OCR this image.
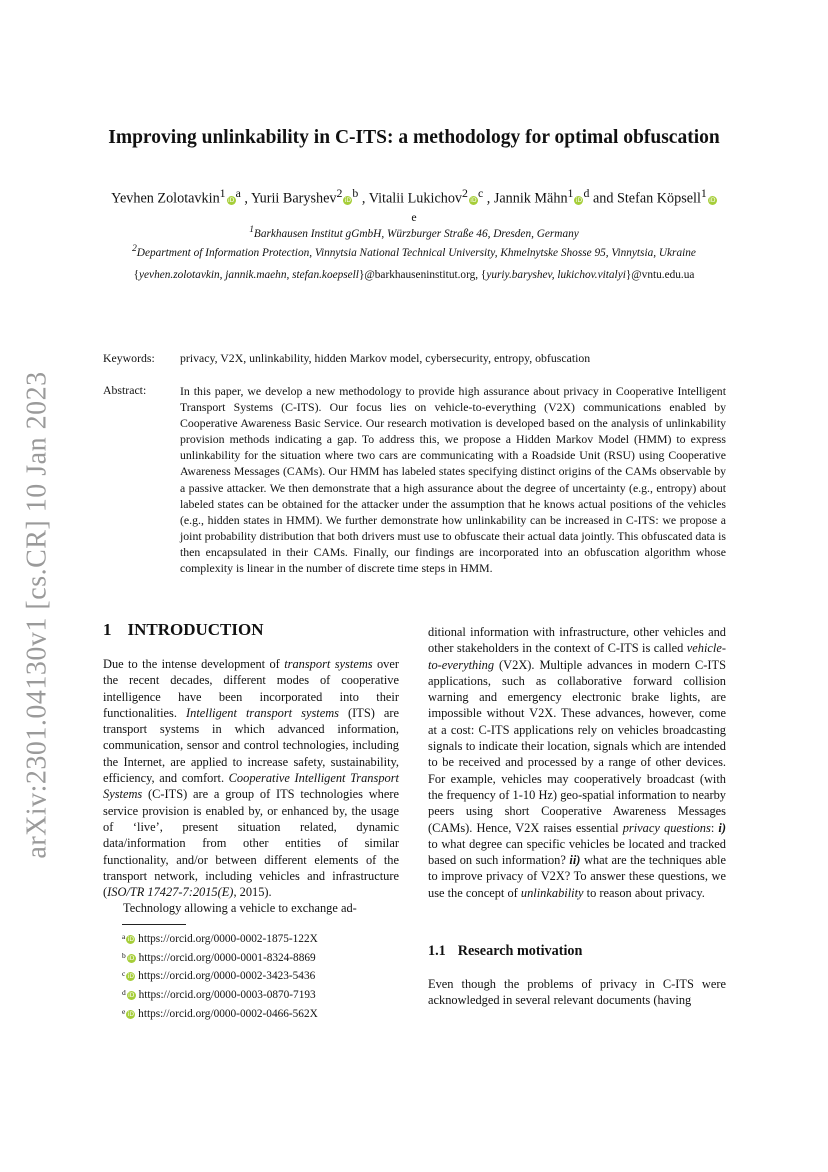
arXiv:2301.04130v1 [cs.CR] 10 Jan 2023
Improving unlinkability in C-ITS: a methodology for optimal obfuscation
Yevhen $Zolotavkin^1iD^a$ , Yurii $Baryshev^2iD^b$ , Vitalii $Lukichov^2iD^c$ , Jannik $Mähn^1iD^d$ and Stefan $Köpsell^1iD^e$
$^1$Barkhausen Institut gGmbH, Würzburger Straße 46, Dresden, Germany
$^2$Department of Information Protection, Vinnytsia National Technical University, Khmelnytske Shosse 95, Vinnytsia, Ukraine
{yevhen.zolotavkin, jannik.maehn, stefan.koepsell}@barkhauseninstitut.org, {yuriy.baryshev, lukichov.vitalyi}@vntu.edu.ua
Keywords: privacy, V2X, unlinkability, hidden Markov model, cybersecurity, entropy, obfuscation
Abstract:	In this paper, we develop a new methodology to provide high assurance about privacy in Cooperative Intelligent Transport Systems (C-ITS). Our focus lies on vehicle-to-everything (V2X) communications enabled by Cooperative Awareness Basic Service. Our research motivation is developed based on the analysis of unlinkability provision methods indicating a gap. To address this, we propose a Hidden Markov Model (HMM) to express unlinkability for the situation where two cars are communicating with a Roadside Unit (RSU) using Cooperative Awareness Messages (CAMs). Our HMM has labeled states specifying distinct origins of the CAMs observable by a passive attacker. We then demonstrate that a high assurance about the degree of uncertainty (e.g., entropy) about labeled states can be obtained for the attacker under the assumption that he knows actual positions of the vehicles (e.g., hidden states in HMM). We further demonstrate how unlinkability can be increased in C-ITS: we propose a joint probability distribution that both drivers must use to obfuscate their actual data jointly. This obfuscated data is then encapsulated in their CAMs. Finally, our findings are incorporated into an obfuscation algorithm whose complexity is linear in the number of discrete time steps in HMM.
1 INTRODUCTION

Due to the intense development of transport systems over the recent decades, different modes of cooperative intelligence have been incorporated into their functionalities. Intelligent transport systems (ITS) are transport systems in which advanced information, communication, sensor and control technologies, including the Internet, are applied to increase safety, sustainability, efficiency, and comfort. Cooperative Intelligent Transport Systems (C-ITS) are a group of ITS technologies where service provision is enabled by, or enhanced by, the usage of ‘live’, present situation related, dynamic data/information from other entities of similar functionality, and/or between different elements of the transport network, including vehicles and infrastructure (ISO/TR 17427-7:2015(E), 2015).

Technology allowing a vehicle to exchange ad-

ditional information with infrastructure, other vehicles and other stakeholders in the context of C-ITS is called vehicle-to-everything (V2X). Multiple advances in modern C-ITS applications, such as collaborative forward collision warning and emergency electronic brake lights, are impossible without V2X. These advances, however, come at a cost: C-ITS applications rely on vehicles broadcasting signals to indicate their location, signals which are intended to be received and processed by a range of other devices. For example, vehicles may cooperatively broadcast (with the frequency of 1-10 Hz) geo-spatial information to nearby peers using short Cooperative Awareness Messages (CAMs). Hence, V2X raises essential privacy questions: i) to what degree can specific vehicles be located and tracked based on such information? ii) what are the techniques able to improve privacy of V2X? To answer these questions, we use the concept of unlinkability to reason about privacy.

1.1 Research motivation

Even though the problems of privacy in C-ITS were acknowledged in several relevant documents (having

$^a$ iD https://orcid.org/0000-0002-1875-122X
$^b$ iD https://orcid.org/0000-0001-8324-8869
$^c$ iD https://orcid.org/0000-0002-3423-5436
$^d$ iD https://orcid.org/0000-0003-0870-7193
$^e$ iD https://orcid.org/0000-0002-0466-562X
